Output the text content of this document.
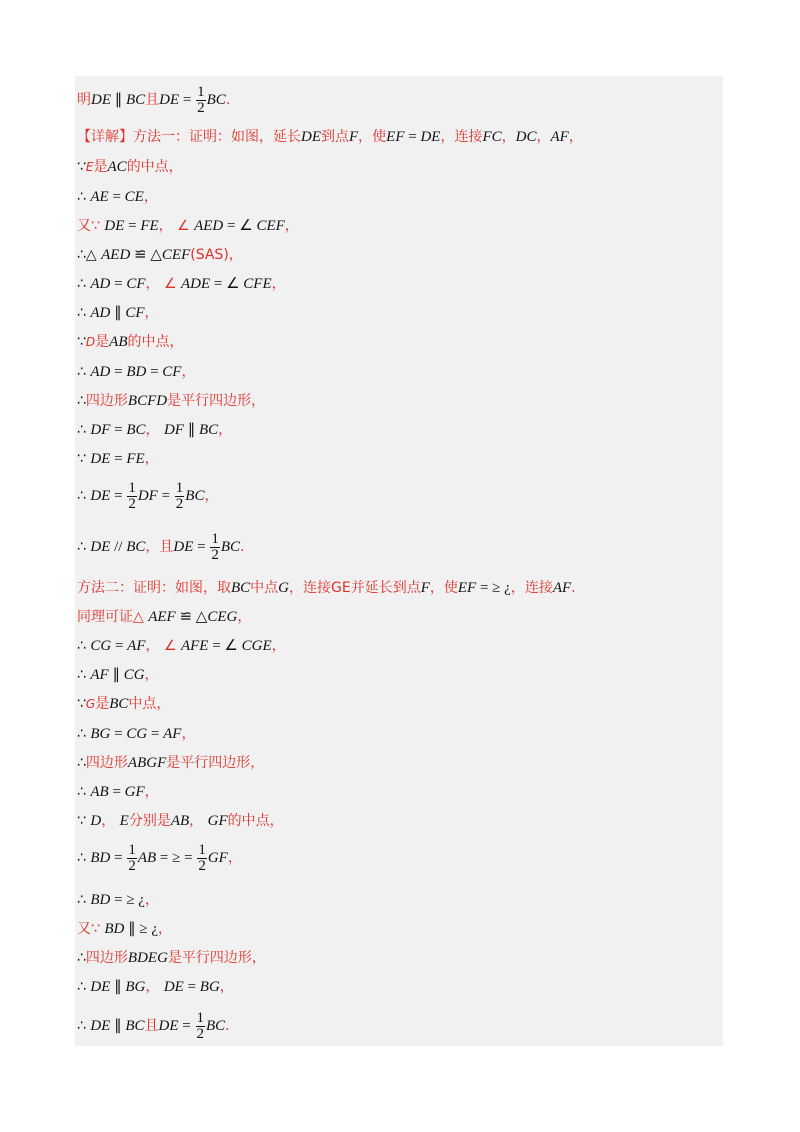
明DE ∥ BC且DE = $\frac{1}{2}$ BC.
【详解】方法一：证明：如图，延长DE到点F，使EF = DE，连接FC，DC，AF，
∵E是AC的中点，
∴ AE = CE，
又∵ DE = FE， ∠ AED = ∠ CEF，
∴△ AED ≌ △CEF(SAS)，
∴ AD = CF， ∠ ADE = ∠ CFE，
∴ AD ∥ CF，
∵D是AB的中点，
∴ AD = BD = CF，
∴四边形BCFD是平行四边形，
∴ DF = BC， DF ∥ BC，
∵ DE = FE，
∴ DE = $\frac{1}{2}$ DF = $\frac{1}{2}$ BC，
∴ DE // BC，且DE = $\frac{1}{2}$ BC.
方法二：证明：如图，取BC中点G，连接GE并延长到点F，使EF = ≥ ¿，连接AF.
同理可证△ AEF ≌ △CEG，
∴ CG = AF， ∠ AFE = ∠ CGE，
∴ AF ∥ CG，
∵G是BC中点，
∴ BG = CG = AF，
∴四边形ABGF是平行四边形，
∴ AB = GF，
∵ D， E分别是AB， GF的中点，
∴ BD = $\frac{1}{2}$ AB = ≥ = $\frac{1}{2}$ GF，
∴ BD = ≥ ¿，
又∵ BD ∥ ≥ ¿，
∴四边形BDEG是平行四边形，
∴ DE ∥ BG， DE = BG，
∴ DE ∥ BC且DE = $\frac{1}{2}$ BC.
